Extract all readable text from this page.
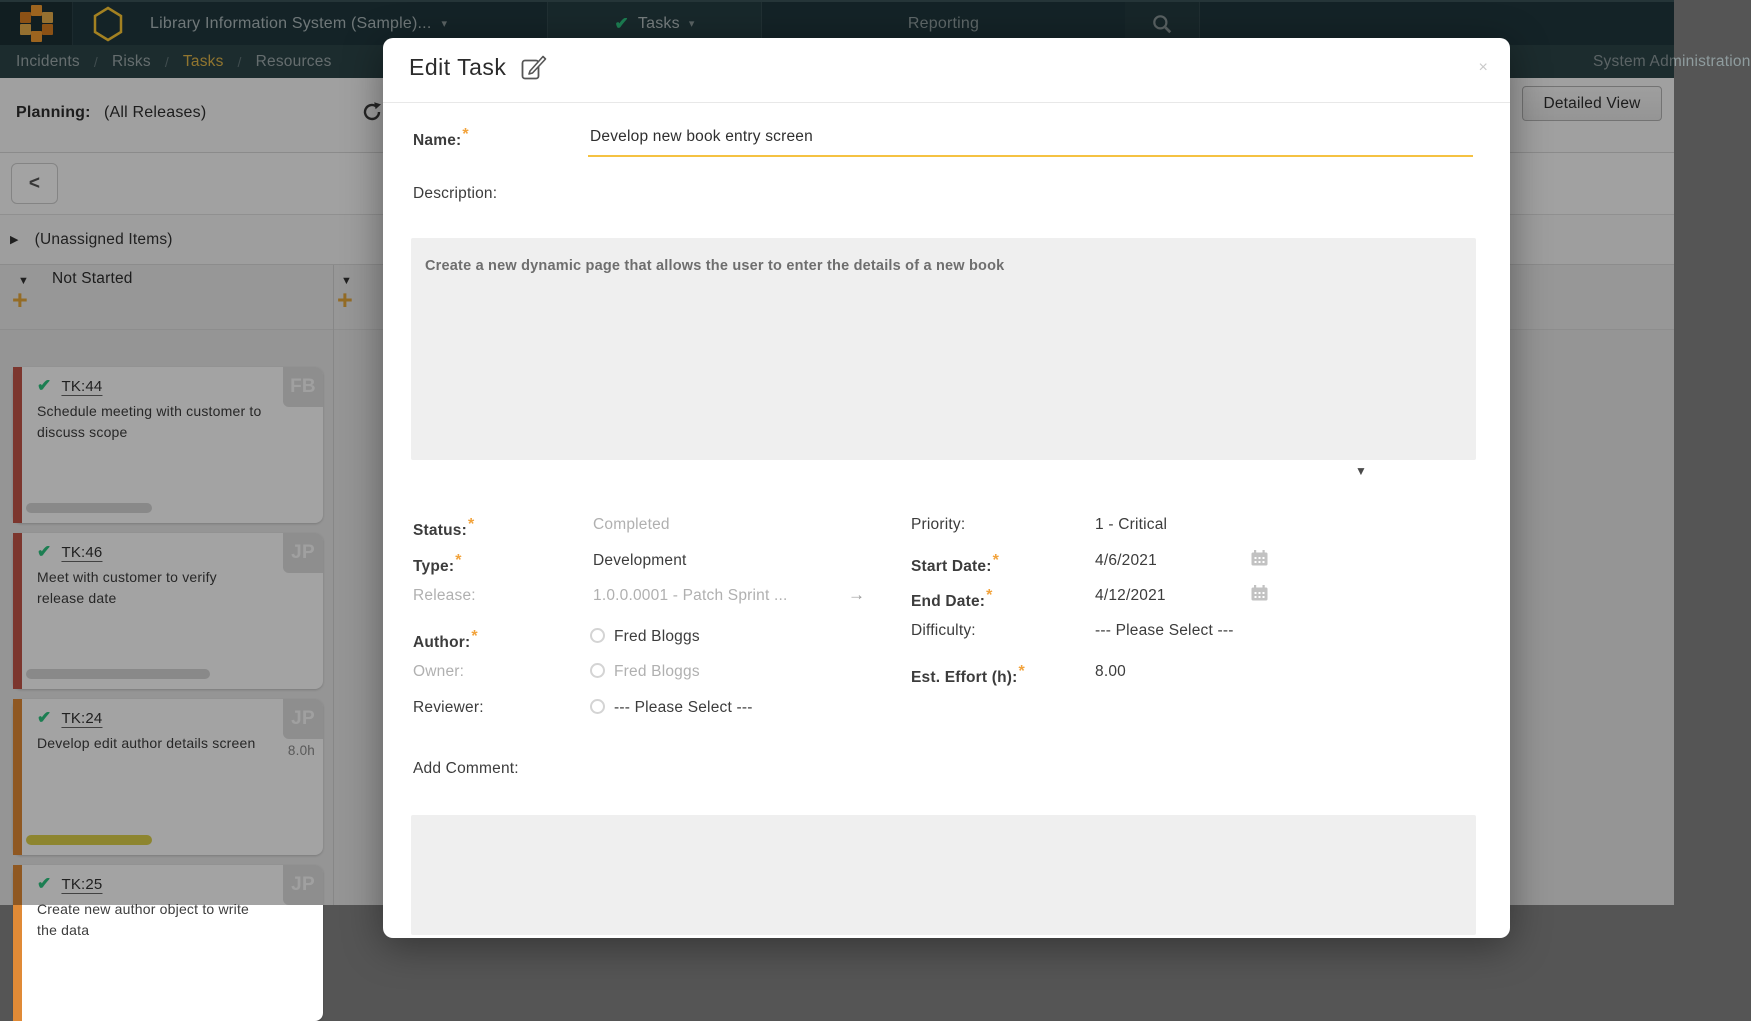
Library Information System (Sample)... ▾	✔ Tasks ▾	Reporting
Incidents / Risks / Tasks / Resources	System Administration
Planning: (All Releases)
Detailed View
<
▶ (Unassigned Items)
▼ Not Started
+
▼
+
✔ TK:44
Schedule meeting with customer to discuss scope
FB
✔ TK:46
Meet with customer to verify release date
JP
✔ TK:24
Develop edit author details screen
JP
8.0h
✔ TK:25
Create new author object to write the data
JP
Edit Task	×
Name: *
Develop new book entry screen
Description:
Create a new dynamic page that allows the user to enter the details of a new book
▼
Status: *	Completed
Type: *	Development
Release:	1.0.0.0001 - Patch Sprint ...	→
Author: *	Fred Bloggs
Owner:	Fred Bloggs
Reviewer:	--- Please Select ---
Priority:	1 - Critical
Start Date: *	4/6/2021
End Date: *	4/12/2021
Difficulty:	--- Please Select ---
Est. Effort (h): *	8.00
Add Comment:
